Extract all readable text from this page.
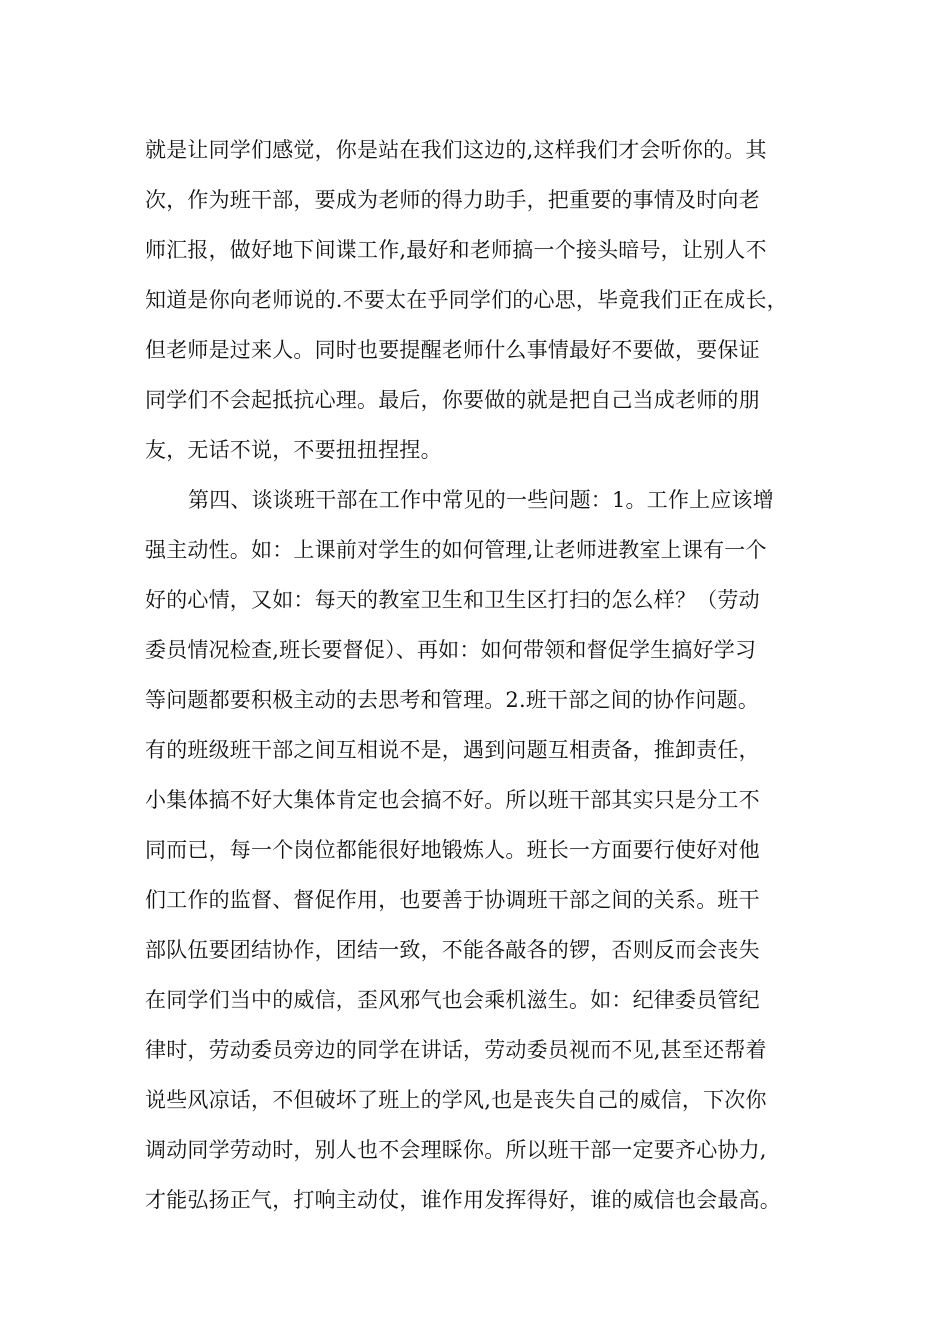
就是让同学们感觉，你是站在我们这边的,这样我们才会听你的。其
次，作为班干部，要成为老师的得力助手，把重要的事情及时向老
师汇报，做好地下间谍工作,最好和老师搞一个接头暗号，让别人不
知道是你向老师说的.不要太在乎同学们的心思，毕竟我们正在成长，
但老师是过来人。同时也要提醒老师什么事情最好不要做，要保证
同学们不会起抵抗心理。最后，你要做的就是把自己当成老师的朋
友，无话不说，不要扭扭捏捏。
第四、谈谈班干部在工作中常见的一些问题：1。工作上应该增
强主动性。如：上课前对学生的如何管理,让老师进教室上课有一个
好的心情，又如：每天的教室卫生和卫生区打扫的怎么样？（劳动
委员情况检查,班长要督促）、再如：如何带领和督促学生搞好学习
等问题都要积极主动的去思考和管理。2.班干部之间的协作问题。
有的班级班干部之间互相说不是，遇到问题互相责备，推卸责任，
小集体搞不好大集体肯定也会搞不好。所以班干部其实只是分工不
同而已，每一个岗位都能很好地锻炼人。班长一方面要行使好对他
们工作的监督、督促作用，也要善于协调班干部之间的关系。班干
部队伍要团结协作，团结一致，不能各敲各的锣，否则反而会丧失
在同学们当中的威信，歪风邪气也会乘机滋生。如：纪律委员管纪
律时，劳动委员旁边的同学在讲话，劳动委员视而不见,甚至还帮着
说些风凉话，不但破坏了班上的学风,也是丧失自己的威信，下次你
调动同学劳动时，别人也不会理睬你。所以班干部一定要齐心协力,
才能弘扬正气，打响主动仗，谁作用发挥得好，谁的威信也会最高。
